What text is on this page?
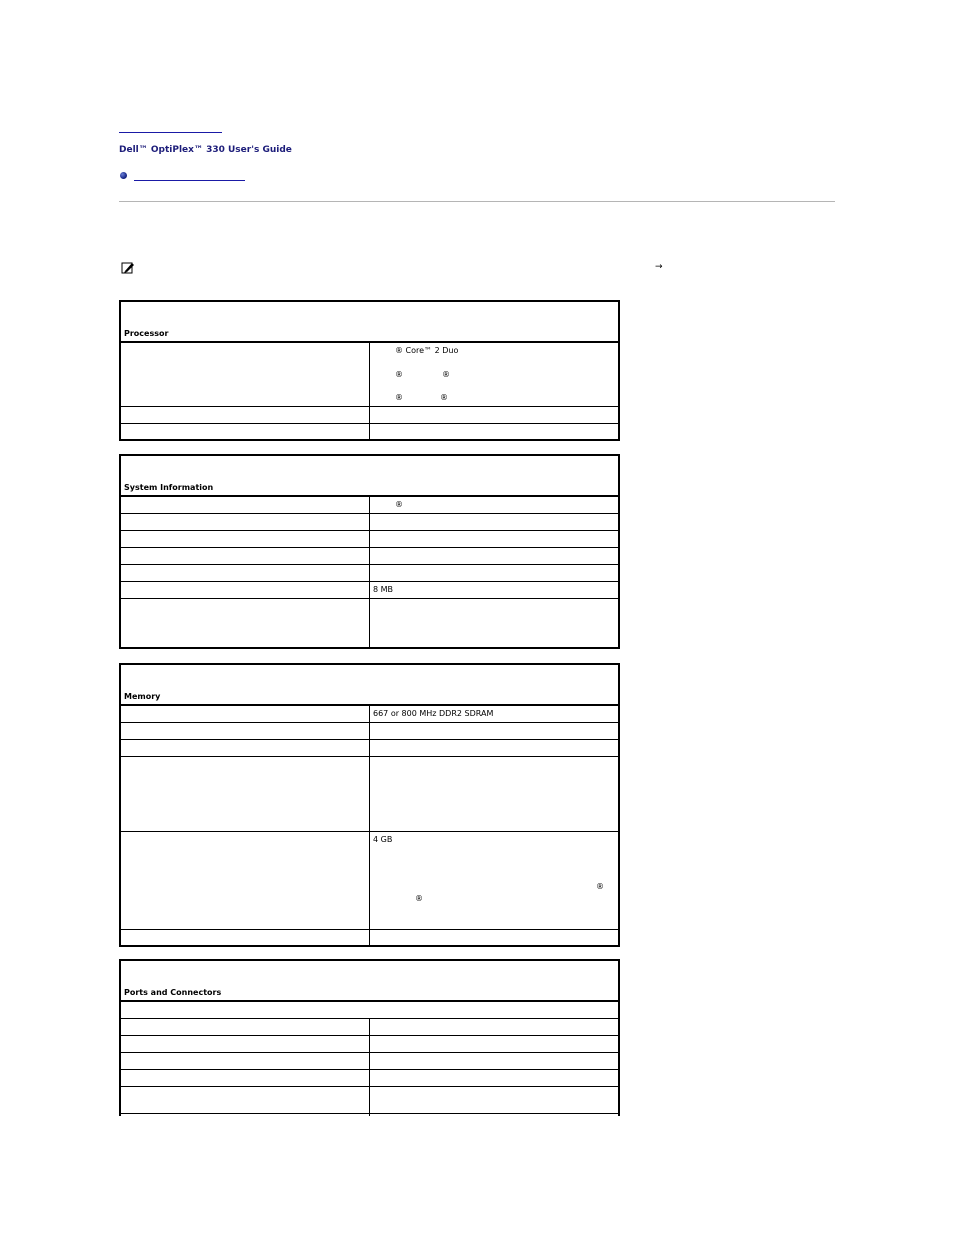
Dell™ OptiPlex™ 330 User's Guide
→
Processor	

	® Core™ 2 Duo
® ®
® ®

System Information	

	®

	8 MB

Memory	

	667 or 800 MHz DDR2 SDRAM

	4 GB
®
®

Ports and Connectors	
